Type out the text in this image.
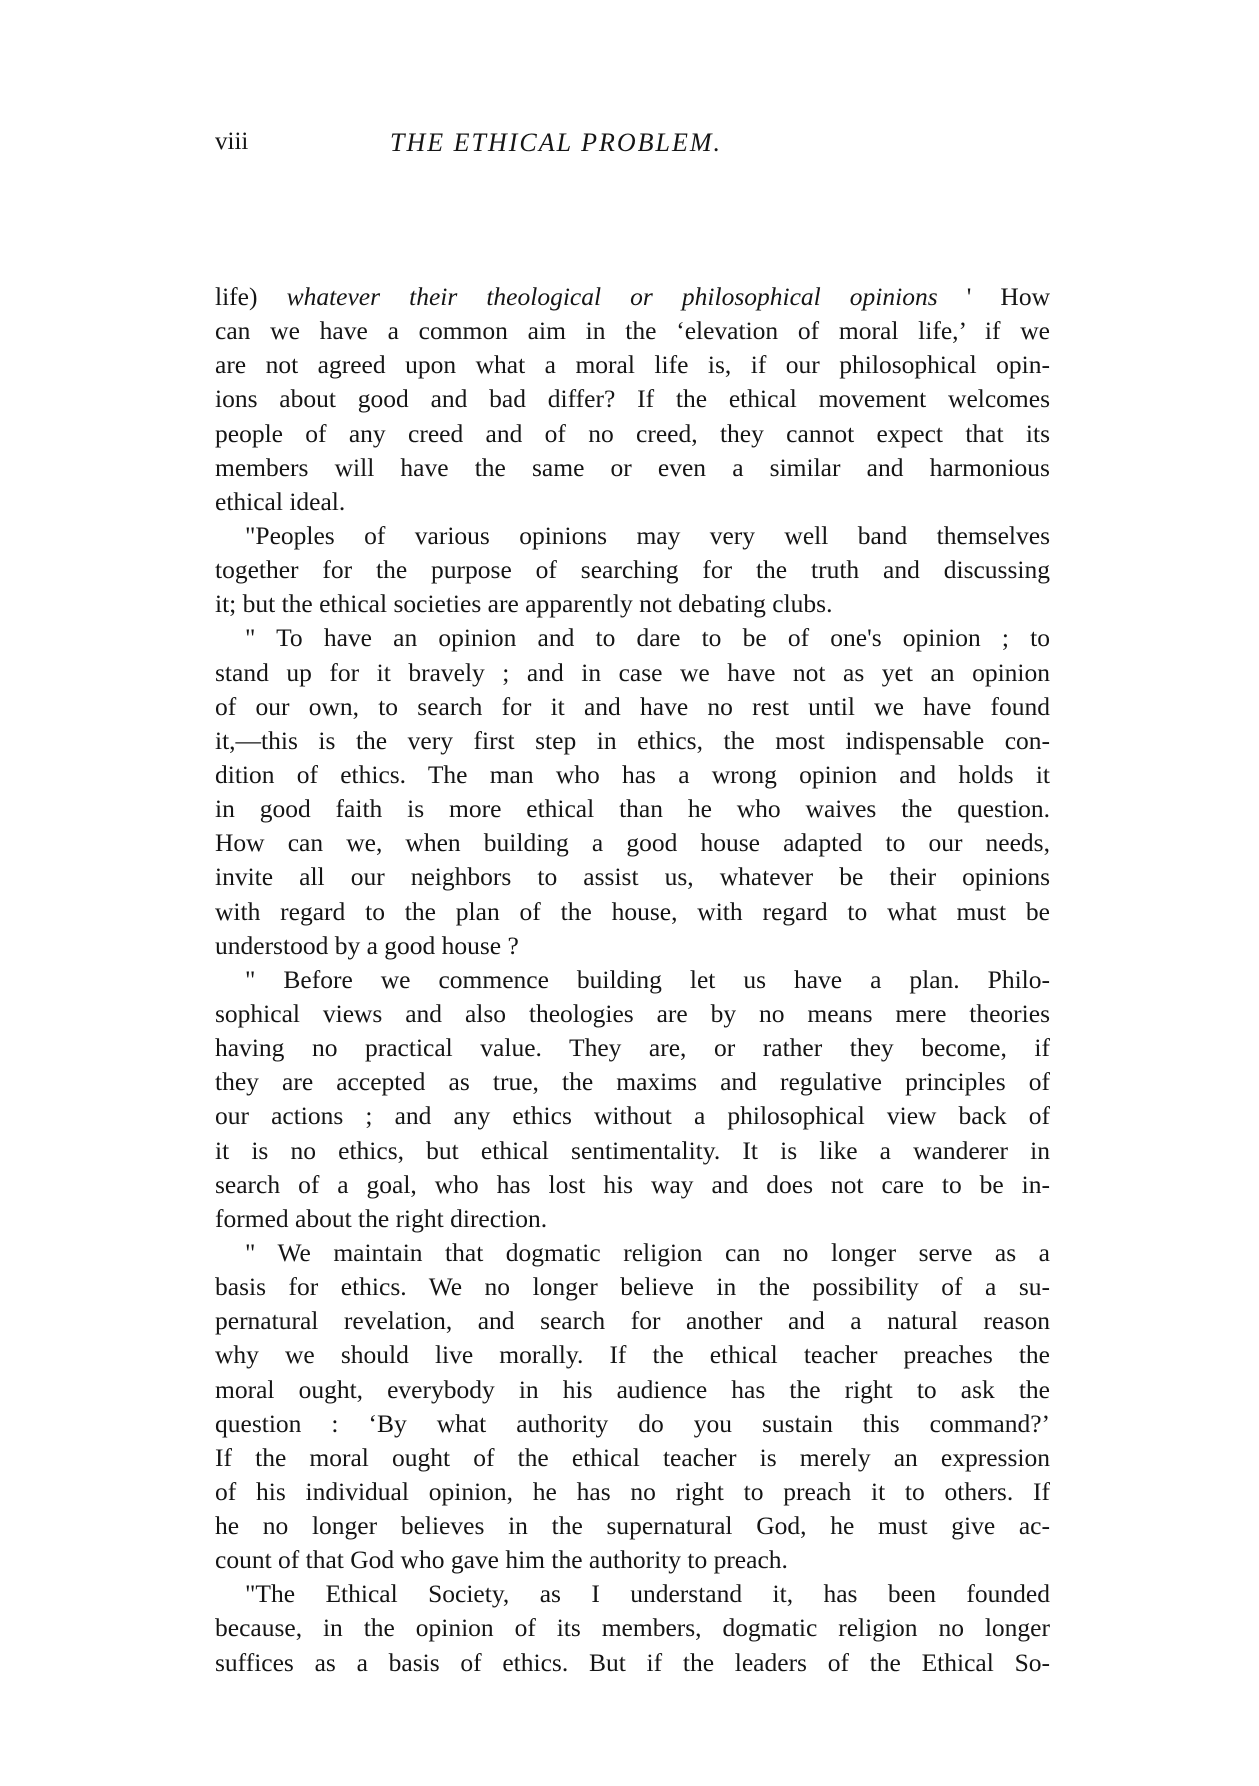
viii	THE ETHICAL PROBLEM.
life) whatever their theological or philosophical opinions ' How
can we have a common aim in the ‘elevation of moral life,’ if we
are not agreed upon what a moral life is, if our philosophical opin-
ions about good and bad differ? If the ethical movement welcomes
people of any creed and of no creed, they cannot expect that its
members will have the same or even a similar and harmonious
ethical ideal.
"Peoples of various opinions may very well band themselves
together for the purpose of searching for the truth and discussing
it; but the ethical societies are apparently not debating clubs.
" To have an opinion and to dare to be of one's opinion ; to
stand up for it bravely ; and in case we have not as yet an opinion
of our own, to search for it and have no rest until we have found
it,—this is the very first step in ethics, the most indispensable con-
dition of ethics. The man who has a wrong opinion and holds it
in good faith is more ethical than he who waives the question.
How can we, when building a good house adapted to our needs,
invite all our neighbors to assist us, whatever be their opinions
with regard to the plan of the house, with regard to what must be
understood by a good house ?
" Before we commence building let us have a plan. Philo-
sophical views and also theologies are by no means mere theories
having no practical value. They are, or rather they become, if
they are accepted as true, the maxims and regulative principles of
our actions ; and any ethics without a philosophical view back of
it is no ethics, but ethical sentimentality. It is like a wanderer in
search of a goal, who has lost his way and does not care to be in-
formed about the right direction.
" We maintain that dogmatic religion can no longer serve as a
basis for ethics. We no longer believe in the possibility of a su-
pernatural revelation, and search for another and a natural reason
why we should live morally. If the ethical teacher preaches the
moral ought, everybody in his audience has the right to ask the
question : ‘By what authority do you sustain this command?’
If the moral ought of the ethical teacher is merely an expression
of his individual opinion, he has no right to preach it to others. If
he no longer believes in the supernatural God, he must give ac-
count of that God who gave him the authority to preach.
"The Ethical Society, as I understand it, has been founded
because, in the opinion of its members, dogmatic religion no longer
suffices as a basis of ethics. But if the leaders of the Ethical So-
